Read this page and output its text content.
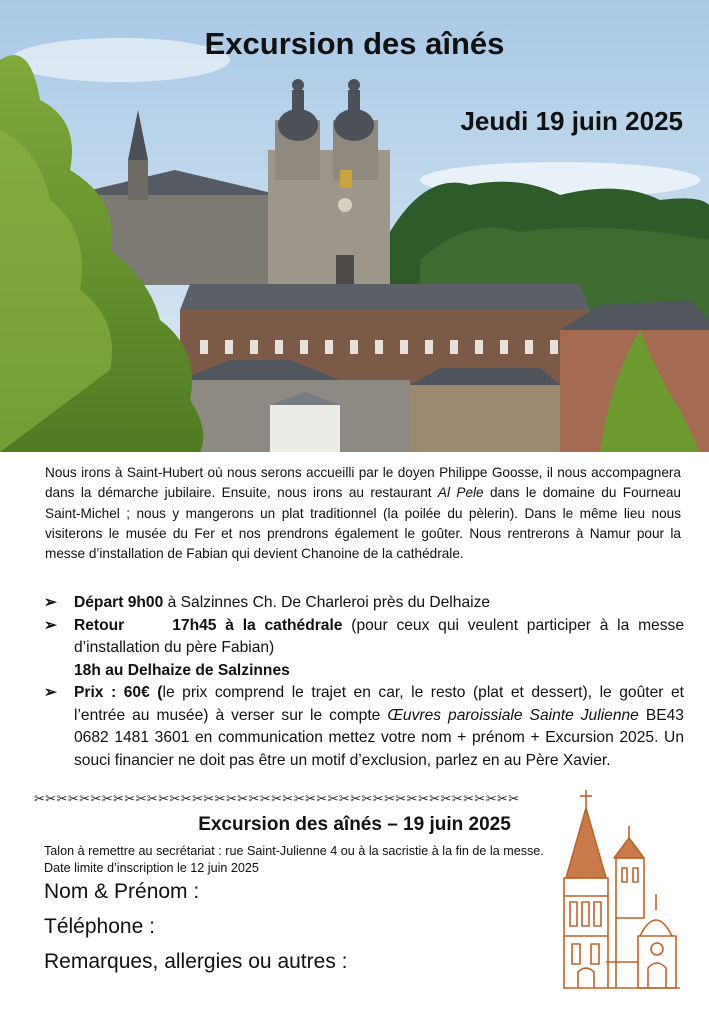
Excursion des aînés
Jeudi 19 juin 2025

Nous irons à Saint-Hubert où nous serons accueilli par le doyen Philippe Goosse, il nous accompagnera dans la démarche jubilaire. Ensuite, nous irons au restaurant Al Pele dans le domaine du Fourneau Saint-Michel ; nous y mangerons un plat traditionnel (la poilée du pèlerin). Dans le même lieu nous visiterons le musée du Fer et nos prendrons également le goûter. Nous rentrerons à Namur pour la messe d’installation de Fabian qui devient Chanoine de la cathédrale.

➢ Départ 9h00 à Salzinnes Ch. De Charleroi près du Delhaize
➢ Retour	17h45 à la cathédrale (pour ceux qui veulent participer à la messe d’installation du père Fabian)
18h au Delhaize de Salzinnes
➢ Prix : 60€ (le prix comprend le trajet en car, le resto (plat et dessert), le goûter et l’entrée au musée) à verser sur le compte Œuvres paroissiale Sainte Julienne BE43 0682 1481 3601 en communication mettez votre nom + prénom + Excursion 2025. Un souci financier ne doit pas être un motif d’exclusion, parlez en au Père Xavier.
✂✂✂✂✂✂✂✂✂✂✂✂✂✂✂✂✂✂✂✂✂✂✂✂✂✂✂✂✂✂✂✂✂✂✂✂✂✂✂✂✂✂✂
Excursion des aînés – 19 juin 2025

Talon à remettre au secrétariat : rue Saint-Julienne 4 ou à la sacristie à la fin de la messe. Date limite d’inscription le 12 juin 2025

Nom & Prénom :

Téléphone :

Remarques, allergies ou autres :
